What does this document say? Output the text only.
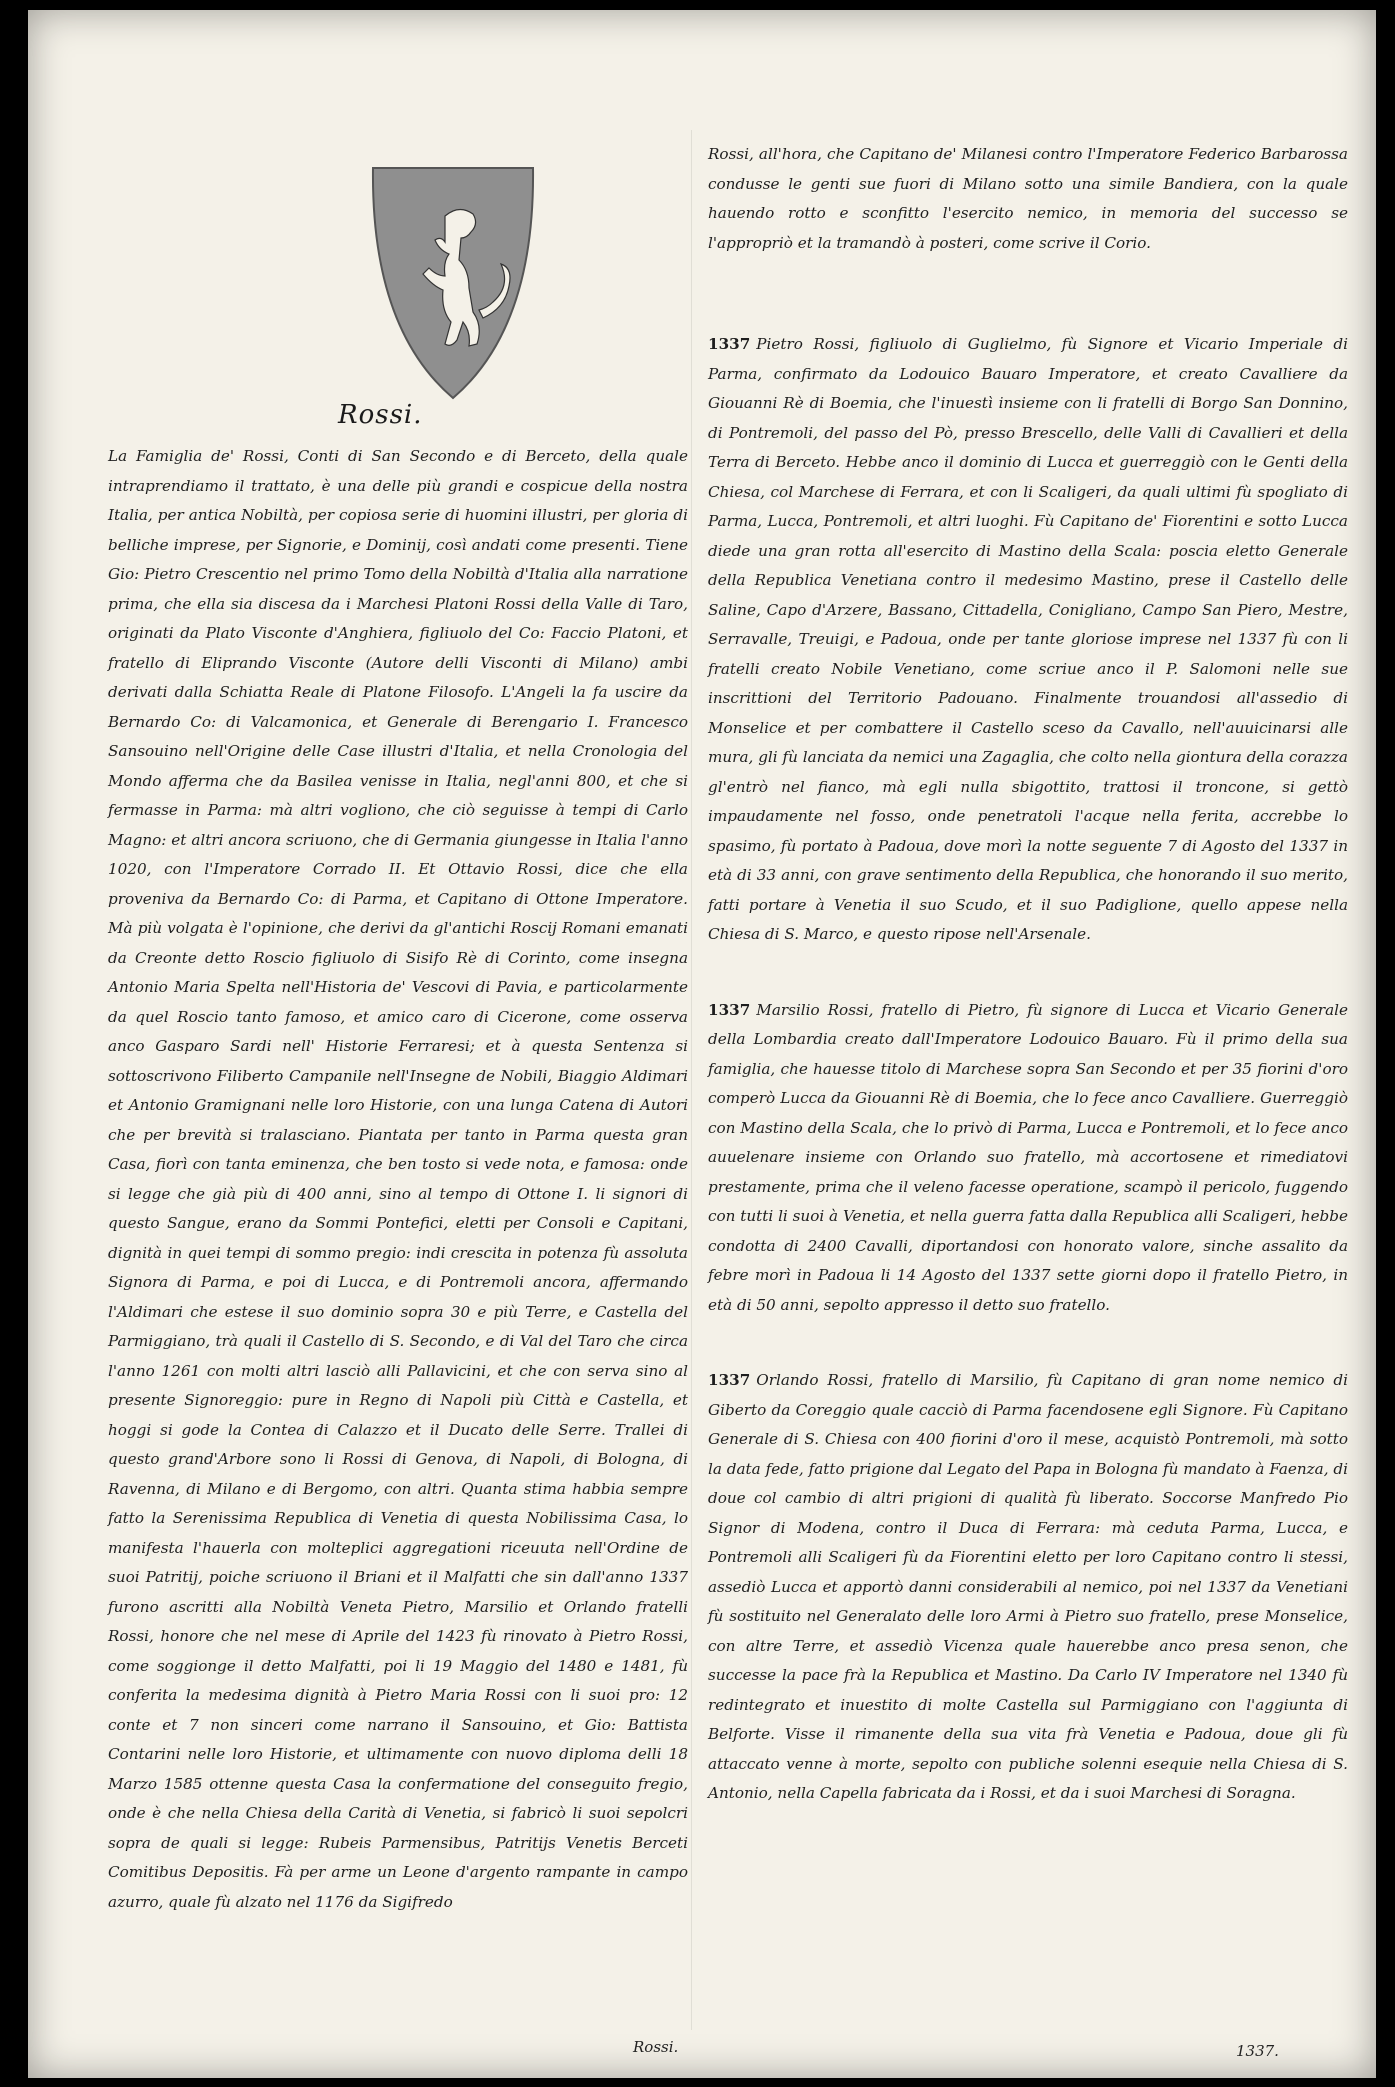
Rossi.

La Famiglia de' Rossi, Conti di San Secondo e di Berceto, della quale intraprendiamo il trattato, è una delle più grandi e cospicue della nostra Italia, per antica Nobiltà, per copiosa serie di huomini illustri, per gloria di belliche imprese, per Signorie, e Dominij, così andati come presenti. Tiene Gio: Pietro Crescentio nel primo Tomo della Nobiltà d'Italia alla narratione prima, che ella sia discesa da i Marchesi Platoni Rossi della Valle di Taro, originati da Plato Visconte d'Anghiera, figliuolo del Co: Faccio Platoni, et fratello di Eliprando Visconte (Autore delli Visconti di Milano) ambi derivati dalla Schiatta Reale di Platone Filosofo. L'Angeli la fa uscire da Bernardo Co: di Valcamonica, et Generale di Berengario I. Francesco Sansouino nell'Origine delle Case illustri d'Italia, et nella Cronologia del Mondo afferma che da Basilea venisse in Italia, negl'anni 800, et che si fermasse in Parma: mà altri vogliono, che ciò seguisse à tempi di Carlo Magno: et altri ancora scriuono, che di Germania giungesse in Italia l'anno 1020, con l'Imperatore Corrado II. Et Ottavio Rossi, dice che ella proveniva da Bernardo Co: di Parma, et Capitano di Ottone Imperatore. Mà più volgata è l'opinione, che derivi da gl'antichi Roscij Romani emanati da Creonte detto Roscio figliuolo di Sisifo Rè di Corinto, come insegna Antonio Maria Spelta nell'Historia de' Vescovi di Pavia, e particolarmente da quel Roscio tanto famoso, et amico caro di Cicerone, come osserva anco Gasparo Sardi nell' Historie Ferraresi; et à questa Sentenza si sottoscrivono Filiberto Campanile nell'Insegne de Nobili, Biaggio Aldimari et Antonio Gramignani nelle loro Historie, con una lunga Catena di Autori che per brevità si tralasciano. Piantata per tanto in Parma questa gran Casa, fiorì con tanta eminenza, che ben tosto si vede nota, e famosa: onde si legge che già più di 400 anni, sino al tempo di Ottone I. li signori di questo Sangue, erano da Sommi Pontefici, eletti per Consoli e Capitani, dignità in quei tempi di sommo pregio: indi crescita in potenza fù assoluta Signora di Parma, e poi di Lucca, e di Pontremoli ancora, affermando l'Aldimari che estese il suo dominio sopra 30 e più Terre, e Castella del Parmiggiano, trà quali il Castello di S. Secondo, e di Val del Taro che circa l'anno 1261 con molti altri lasciò alli Pallavicini, et che con serva sino al presente Signoreggio: pure in Regno di Napoli più Città e Castella, et hoggi si gode la Contea di Calazzo et il Ducato delle Serre. Trallei di questo grand'Arbore sono li Rossi di Genova, di Napoli, di Bologna, di Ravenna, di Milano e di Bergomo, con altri. Quanta stima habbia sempre fatto la Serenissima Republica di Venetia di questa Nobilissima Casa, lo manifesta l'hauerla con molteplici aggregationi riceuuta nell'Ordine de suoi Patritij, poiche scriuono il Briani et il Malfatti che sin dall'anno 1337 furono ascritti alla Nobiltà Veneta Pietro, Marsilio et Orlando fratelli Rossi, honore che nel mese di Aprile del 1423 fù rinovato à Pietro Rossi, come soggionge il detto Malfatti, poi li 19 Maggio del 1480 e 1481, fù conferita la medesima dignità à Pietro Maria Rossi con li suoi pro: 12 conte et 7 non sinceri come narrano il Sansouino, et Gio: Battista Contarini nelle loro Historie, et ultimamente con nuovo diploma delli 18 Marzo 1585 ottenne questa Casa la confermatione del conseguito fregio, onde è che nella Chiesa della Carità di Venetia, si fabricò li suoi sepolcri sopra de quali si legge: Rubeis Parmensibus, Patritijs Venetis Berceti Comitibus Depositis. Fà per arme un Leone d'argento rampante in campo azurro, quale fù alzato nel 1176 da Sigifredo

Rossi, all'hora, che Capitano de' Milanesi contro l'Imperatore Federico Barbarossa condusse le genti sue fuori di Milano sotto una simile Bandiera, con la quale hauendo rotto e sconfitto l'esercito nemico, in memoria del successo se l'appropriò et la tramandò à posteri, come scrive il Corio.

1337 Pietro Rossi, figliuolo di Guglielmo, fù Signore et Vicario Imperiale di Parma, confirmato da Lodouico Bauaro Imperatore, et creato Cavalliere da Giouanni Rè di Boemia, che l'inuestì insieme con li fratelli di Borgo San Donnino, di Pontremoli, del passo del Pò, presso Brescello, delle Valli di Cavallieri et della Terra di Berceto. Hebbe anco il dominio di Lucca et guerreggiò con le Genti della Chiesa, col Marchese di Ferrara, et con li Scaligeri, da quali ultimi fù spogliato di Parma, Lucca, Pontremoli, et altri luoghi. Fù Capitano de' Fiorentini e sotto Lucca diede una gran rotta all'esercito di Mastino della Scala: poscia eletto Generale della Republica Venetiana contro il medesimo Mastino, prese il Castello delle Saline, Capo d'Arzere, Bassano, Cittadella, Conigliano, Campo San Piero, Mestre, Serravalle, Treuigi, e Padoua, onde per tante gloriose imprese nel 1337 fù con li fratelli creato Nobile Venetiano, come scriue anco il P. Salomoni nelle sue inscrittioni del Territorio Padouano. Finalmente trouandosi all'assedio di Monselice et per combattere il Castello sceso da Cavallo, nell'auuicinarsi alle mura, gli fù lanciata da nemici una Zagaglia, che colto nella giontura della corazza gl'entrò nel fianco, mà egli nulla sbigottito, trattosi il troncone, si gettò impaudamente nel fosso, onde penetratoli l'acque nella ferita, accrebbe lo spasimo, fù portato à Padoua, dove morì la notte seguente 7 di Agosto del 1337 in età di 33 anni, con grave sentimento della Republica, che honorando il suo merito, fatti portare à Venetia il suo Scudo, et il suo Padiglione, quello appese nella Chiesa di S. Marco, e questo ripose nell'Arsenale.

1337 Marsilio Rossi, fratello di Pietro, fù signore di Lucca et Vicario Generale della Lombardia creato dall'Imperatore Lodouico Bauaro. Fù il primo della sua famiglia, che hauesse titolo di Marchese sopra San Secondo et per 35 fiorini d'oro comperò Lucca da Giouanni Rè di Boemia, che lo fece anco Cavalliere. Guerreggiò con Mastino della Scala, che lo privò di Parma, Lucca e Pontremoli, et lo fece anco auuelenare insieme con Orlando suo fratello, mà accortosene et rimediatovi prestamente, prima che il veleno facesse operatione, scampò il pericolo, fuggendo con tutti li suoi à Venetia, et nella guerra fatta dalla Republica alli Scaligeri, hebbe condotta di 2400 Cavalli, diportandosi con honorato valore, sinche assalito da febre morì in Padoua li 14 Agosto del 1337 sette giorni dopo il fratello Pietro, in età di 50 anni, sepolto appresso il detto suo fratello.

1337 Orlando Rossi, fratello di Marsilio, fù Capitano di gran nome nemico di Giberto da Coreggio quale cacciò di Parma facendosene egli Signore. Fù Capitano Generale di S. Chiesa con 400 fiorini d'oro il mese, acquistò Pontremoli, mà sotto la data fede, fatto prigione dal Legato del Papa in Bologna fù mandato à Faenza, di doue col cambio di altri prigioni di qualità fù liberato. Soccorse Manfredo Pio Signor di Modena, contro il Duca di Ferrara: mà ceduta Parma, Lucca, e Pontremoli alli Scaligeri fù da Fiorentini eletto per loro Capitano contro li stessi, assediò Lucca et apportò danni considerabili al nemico, poi nel 1337 da Venetiani fù sostituito nel Generalato delle loro Armi à Pietro suo fratello, prese Monselice, con altre Terre, et assediò Vicenza quale hauerebbe anco presa senon, che successe la pace frà la Republica et Mastino. Da Carlo IV Imperatore nel 1340 fù redintegrato et inuestito di molte Castella sul Parmiggiano con l'aggiunta di Belforte. Visse il rimanente della sua vita frà Venetia e Padoua, doue gli fù attaccato venne à morte, sepolto con publiche solenni esequie nella Chiesa di S. Antonio, nella Capella fabricata da i Rossi, et da i suoi Marchesi di Soragna.

Rossi.	1337.
